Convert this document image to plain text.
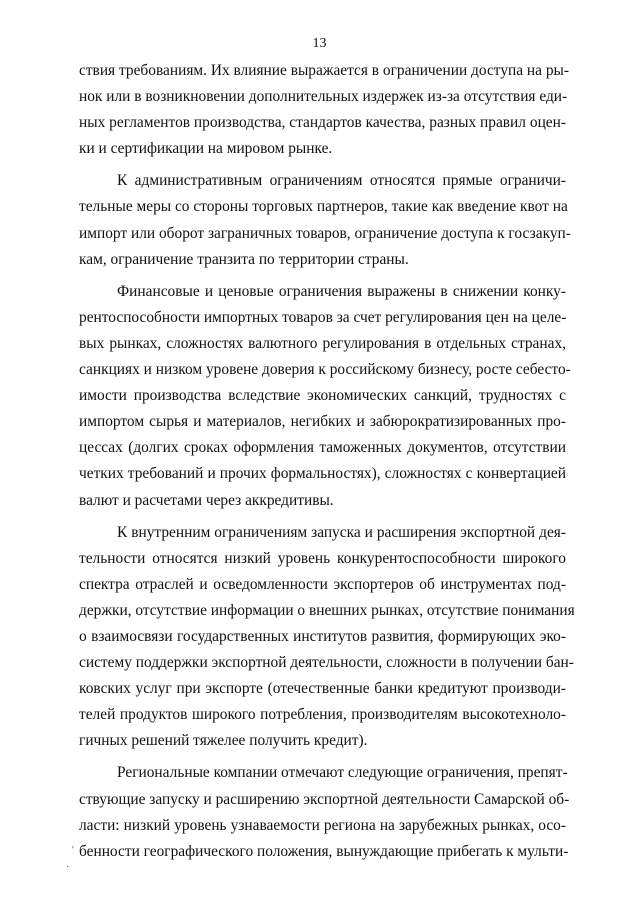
13
ствия требованиям. Их влияние выражается в ограничении доступа на ры-
нок или в возникновении дополнительных издержек из-за отсутствия еди-
ных регламентов производства, стандартов качества, разных правил оцен-
ки и сертификации на мировом рынке.
К административным ограничениям относятся прямые ограничи-
тельные меры со стороны торговых партнеров, такие как введение квот на
импорт или оборот заграничных товаров, ограничение доступа к госзакуп-
кам, ограничение транзита по территории страны.
Финансовые и ценовые ограничения выражены в снижении конку-
рентоспособности импортных товаров за счет регулирования цен на целе-
вых рынках, сложностях валютного регулирования в отдельных странах,
санкциях и низком уровене доверия к российскому бизнесу, росте себесто-
имости производства вследствие экономических санкций, трудностях с
импортом сырья и материалов, негибких и забюрократизированных про-
цессах (долгих сроках оформления таможенных документов, отсутствии
четких требований и прочих формальностях), сложностях с конвертацией
валют и расчетами через аккредитивы.
К внутренним ограничениям запуска и расширения экспортной дея-
тельности относятся низкий уровень конкурентоспособности широкого
спектра отраслей и осведомленности экспортеров об инструментах под-
держки, отсутствие информации о внешних рынках, отсутствие понимания
о взаимосвязи государственных институтов развития, формирующих эко-
систему поддержки экспортной деятельности, сложности в получении бан-
ковских услуг при экспорте (отечественные банки кредитуют производи-
телей продуктов широкого потребления, производителям высокотехноло-
гичных решений тяжелее получить кредит).
Региональные компании отмечают следующие ограничения, препят-
ствующие запуску и расширению экспортной деятельности Самарской об-
ласти: низкий уровень узнаваемости региона на зарубежных рынках, осо-
бенности географического положения, вынуждающие прибегать к мульти-
·
'
